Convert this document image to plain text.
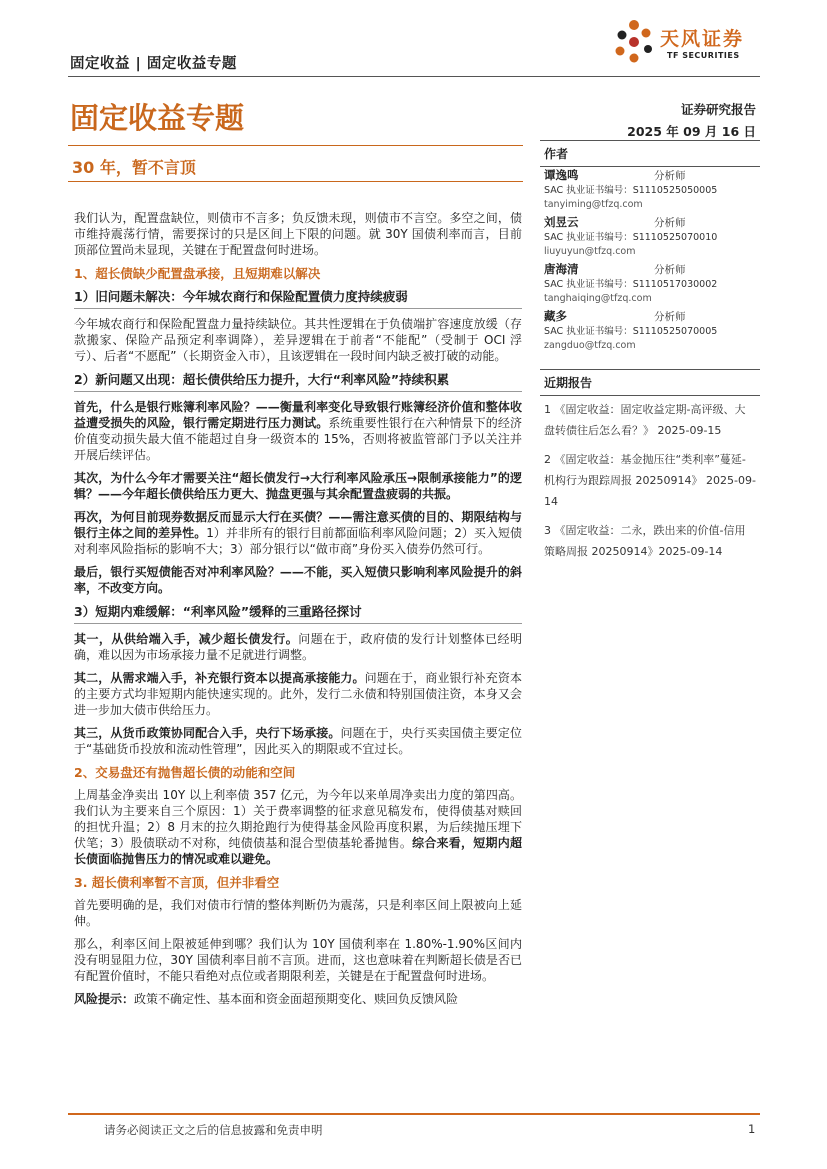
固定收益 | 固定收益专题
天风证券
TF SECURITIES
固定收益专题	证券研究报告
2025 年 09 月 16 日
30 年，暂不言顶

我们认为，配置盘缺位，则债市不言多；负反馈未现，则债市不言空。多空之间，债市维持震荡行情，需要探讨的只是区间上下限的问题。就 30Y 国债利率而言，目前顶部位置尚未显现，关键在于配置盘何时进场。

1、超长债缺少配置盘承接，且短期难以解决
1）旧问题未解决：今年城农商行和保险配置债力度持续疲弱

今年城农商行和保险配置盘力量持续缺位。其共性逻辑在于负债端扩容速度放缓（存款搬家、保险产品预定利率调降），差异逻辑在于前者“不能配”（受制于 OCI 浮亏）、后者“不愿配”（长期资金入市），且该逻辑在一段时间内缺乏被打破的动能。

2）新问题又出现：超长债供给压力提升，大行“利率风险”持续积累

首先，什么是银行账簿利率风险？——衡量利率变化导致银行账簿经济价值和整体收益遭受损失的风险，银行需定期进行压力测试。系统重要性银行在六种情景下的经济价值变动损失最大值不能超过自身一级资本的 15%，否则将被监管部门予以关注并开展后续评估。

其次，为什么今年才需要关注“超长债发行→大行利率风险承压→限制承接能力”的逻辑？——今年超长债供给压力更大、抛盘更强与其余配置盘疲弱的共振。

再次，为何目前现券数据反而显示大行在买债？——需注意买债的目的、期限结构与银行主体之间的差异性。1）并非所有的银行目前都面临利率风险问题；2）买入短债对利率风险指标的影响不大；3）部分银行以“做市商”身份买入债券仍然可行。

最后，银行买短债能否对冲利率风险？——不能，买入短债只影响利率风险提升的斜率，不改变方向。

3）短期内难缓解：“利率风险”缓释的三重路径探讨

其一，从供给端入手，减少超长债发行。问题在于，政府债的发行计划整体已经明确，难以因为市场承接力量不足就进行调整。

其二，从需求端入手，补充银行资本以提高承接能力。问题在于，商业银行补充资本的主要方式均非短期内能快速实现的。此外，发行二永债和特别国债注资，本身又会进一步加大债市供给压力。

其三，从货币政策协同配合入手，央行下场承接。问题在于，央行买卖国债主要定位于“基础货币投放和流动性管理”，因此买入的期限或不宜过长。

2、交易盘还有抛售超长债的动能和空间

上周基金净卖出 10Y 以上利率债 357 亿元，为今年以来单周净卖出力度的第四高。我们认为主要来自三个原因：1）关于费率调整的征求意见稿发布，使得债基对赎回的担忧升温；2）8 月末的拉久期抢跑行为使得基金风险再度积累，为后续抛压埋下伏笔；3）股债联动不对称，纯债债基和混合型债基轮番抛售。综合来看，短期内超长债面临抛售压力的情况或难以避免。

3. 超长债利率暂不言顶，但并非看空

首先要明确的是，我们对债市行情的整体判断仍为震荡，只是利率区间上限被向上延伸。

那么，利率区间上限被延伸到哪？我们认为 10Y 国债利率在 1.80%-1.90%区间内没有明显阻力位，30Y 国债利率目前不言顶。进而，这也意味着在判断超长债是否已有配置价值时，不能只看绝对点位或者期限利差，关键是在于配置盘何时进场。

风险提示：政策不确定性、基本面和资金面超预期变化、赎回负反馈风险

作者
谭逸鸣	分析师
SAC 执业证书编号：S1110525050005
tanyiming@tfzq.com
刘昱云	分析师
SAC 执业证书编号：S1110525070010
liuyuyun@tfzq.com
唐海清	分析师
SAC 执业证书编号：S1110517030002
tanghaiqing@tfzq.com
藏多	分析师
SAC 执业证书编号：S1110525070005
zangduo@tfzq.com
近期报告
1 《固定收益：固定收益定期-高评级、大盘转债往后怎么看？》 2025-09-15
2 《固定收益：基金抛压往“类利率”蔓延-机构行为跟踪周报 20250914》 2025-09-14
3 《固定收益：二永，跌出来的价值-信用策略周报 20250914》2025-09-14
请务必阅读正文之后的信息披露和免责申明	1
